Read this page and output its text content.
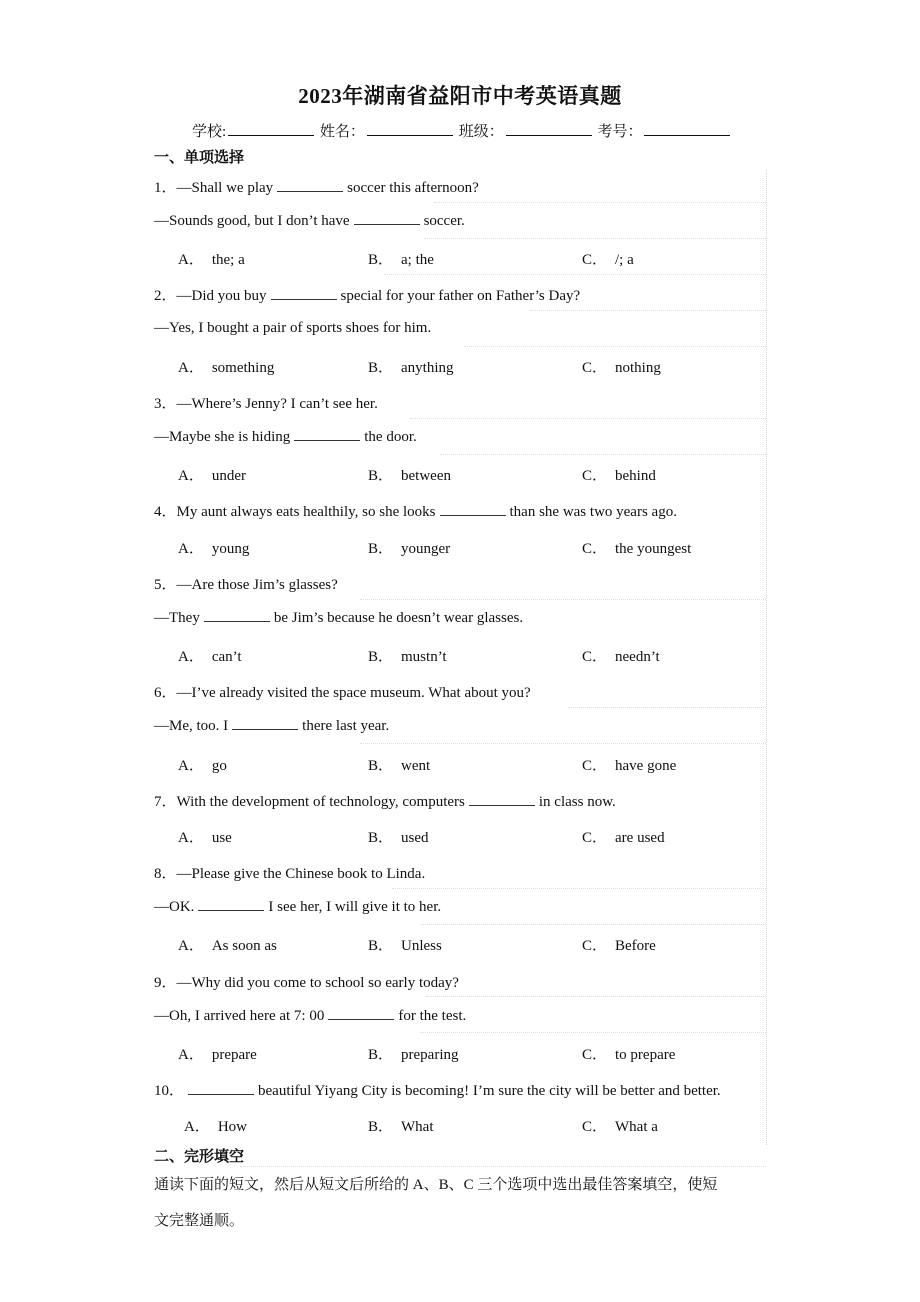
2023年湖南省益阳市中考英语真题
学校:	姓名：	班级：	考号：
一、单项选择
1．—Shall we play	soccer this afternoon?
—Sounds good, but I don’t have	soccer.
A． the; a	B． a; the	C． /; a
2．—Did you buy	special for your father on Father’s Day?
—Yes, I bought a pair of sports shoes for him.
A． something	B． anything	C． nothing
3．—Where’s Jenny? I can’t see her.
—Maybe she is hiding	the door.
A． under	B． between	C． behind
4．My aunt always eats healthily, so she looks	than she was two years ago.
A． young	B． younger	C． the youngest
5．—Are those Jim’s glasses?
—They	be Jim’s because he doesn’t wear glasses.
A． can’t	B． mustn’t	C． needn’t
6．—I’ve already visited the space museum. What about you?
—Me, too. I	there last year.
A． go	B． went	C． have gone
7．With the development of technology, computers	in class now.
A． use	B． used	C． are used
8．—Please give the Chinese book to Linda.
—OK.	I see her, I will give it to her.
A． As soon as	B． Unless	C． Before
9．—Why did you come to school so early today?
—Oh, I arrived here at 7: 00	for the test.
A． prepare	B． preparing	C． to prepare
10．	beautiful Yiyang City is becoming! I’m sure the city will be better and better.
A． How	B． What	C． What a
二、完形填空
通读下面的短文，然后从短文后所给的 A、B、C 三个选项中选出最佳答案填空，使短
文完整通顺。
